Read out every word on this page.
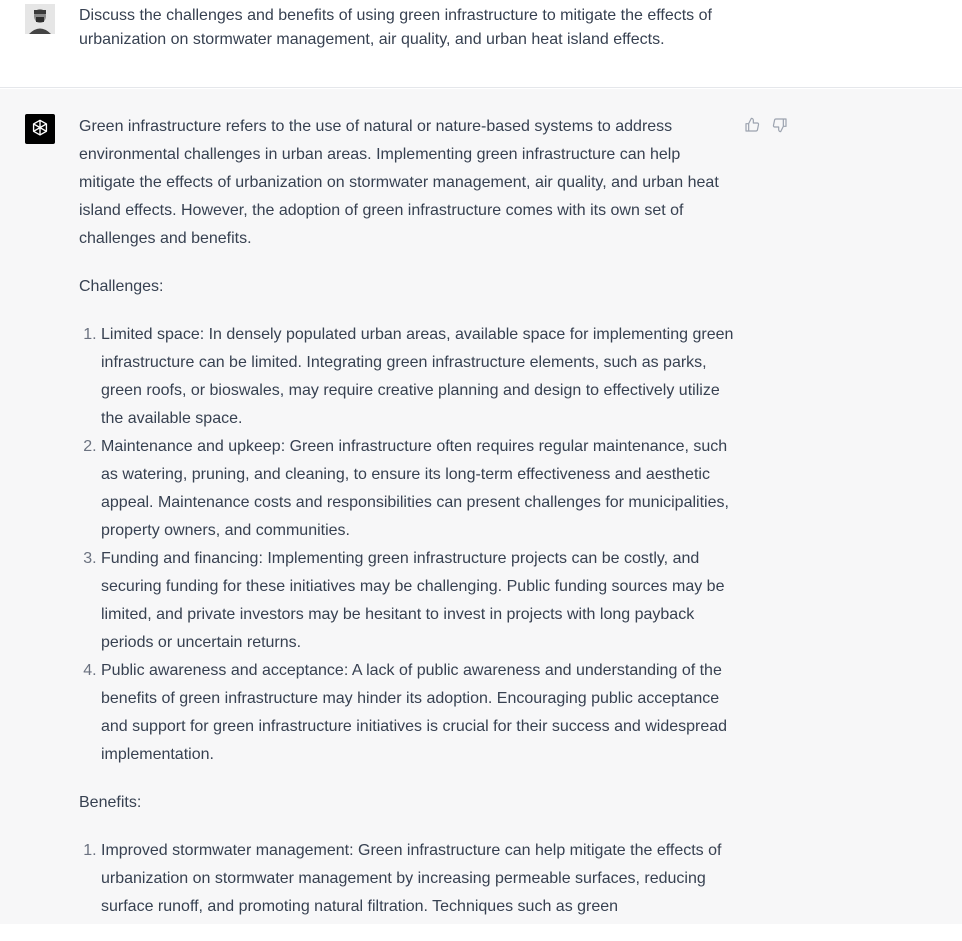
Discuss the challenges and benefits of using green infrastructure to mitigate the effects of urbanization on stormwater management, air quality, and urban heat island effects.

Green infrastructure refers to the use of natural or nature-based systems to address environmental challenges in urban areas. Implementing green infrastructure can help mitigate the effects of urbanization on stormwater management, air quality, and urban heat island effects. However, the adoption of green infrastructure comes with its own set of challenges and benefits.

Challenges:

1. Limited space: In densely populated urban areas, available space for implementing green infrastructure can be limited. Integrating green infrastructure elements, such as parks, green roofs, or bioswales, may require creative planning and design to effectively utilize the available space.
2. Maintenance and upkeep: Green infrastructure often requires regular maintenance, such as watering, pruning, and cleaning, to ensure its long-term effectiveness and aesthetic appeal. Maintenance costs and responsibilities can present challenges for municipalities, property owners, and communities.
3. Funding and financing: Implementing green infrastructure projects can be costly, and securing funding for these initiatives may be challenging. Public funding sources may be limited, and private investors may be hesitant to invest in projects with long payback periods or uncertain returns.
4. Public awareness and acceptance: A lack of public awareness and understanding of the benefits of green infrastructure may hinder its adoption. Encouraging public acceptance and support for green infrastructure initiatives is crucial for their success and widespread implementation.

Benefits:

1. Improved stormwater management: Green infrastructure can help mitigate the effects of urbanization on stormwater management by increasing permeable surfaces, reducing surface runoff, and promoting natural filtration. Techniques such as green
